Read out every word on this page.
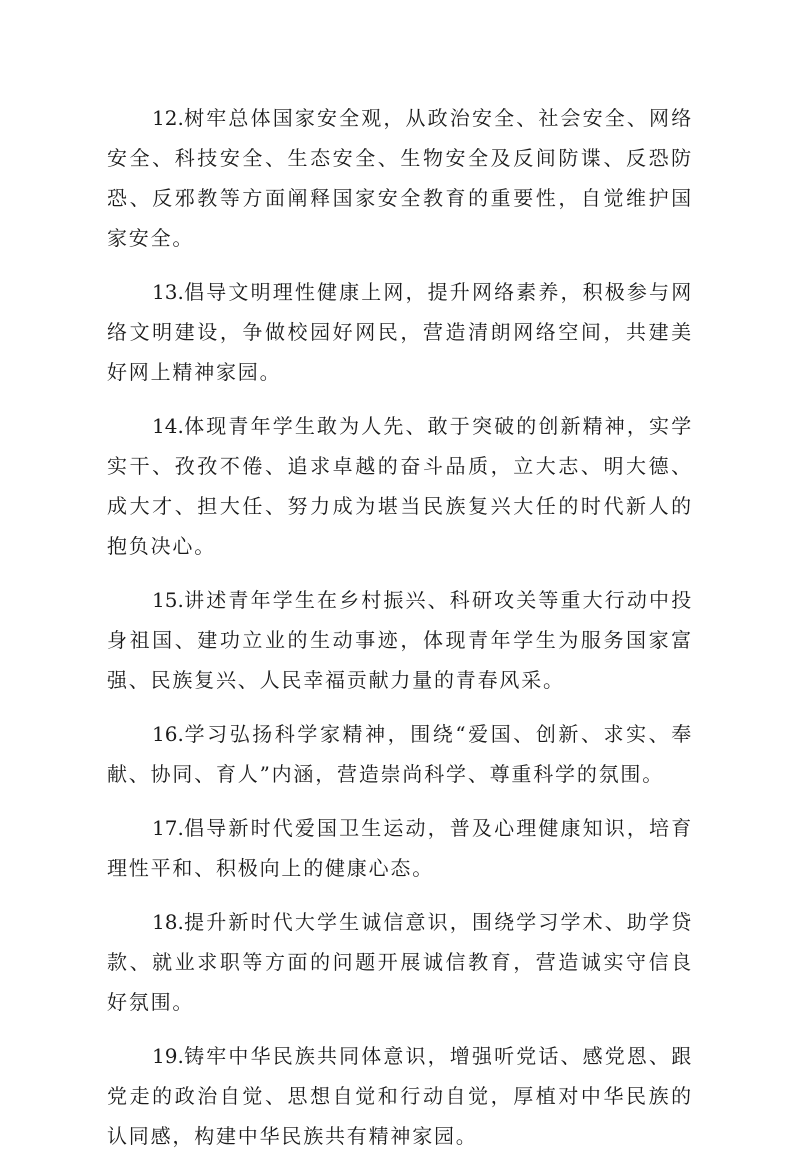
12.树牢总体国家安全观，从政治安全、社会安全、网络安全、科技安全、生态安全、生物安全及反间防谍、反恐防恐、反邪教等方面阐释国家安全教育的重要性，自觉维护国家安全。

13.倡导文明理性健康上网，提升网络素养，积极参与网络文明建设，争做校园好网民，营造清朗网络空间，共建美好网上精神家园。

14.体现青年学生敢为人先、敢于突破的创新精神，实学实干、孜孜不倦、追求卓越的奋斗品质，立大志、明大德、成大才、担大任、努力成为堪当民族复兴大任的时代新人的抱负决心。

15.讲述青年学生在乡村振兴、科研攻关等重大行动中投身祖国、建功立业的生动事迹，体现青年学生为服务国家富强、民族复兴、人民幸福贡献力量的青春风采。

16.学习弘扬科学家精神，围绕“爱国、创新、求实、奉献、协同、育人”内涵，营造崇尚科学、尊重科学的氛围。

17.倡导新时代爱国卫生运动，普及心理健康知识，培育理性平和、积极向上的健康心态。

18.提升新时代大学生诚信意识，围绕学习学术、助学贷款、就业求职等方面的问题开展诚信教育，营造诚实守信良好氛围。

19.铸牢中华民族共同体意识，增强听党话、感党恩、跟党走的政治自觉、思想自觉和行动自觉，厚植对中华民族的认同感，构建中华民族共有精神家园。
